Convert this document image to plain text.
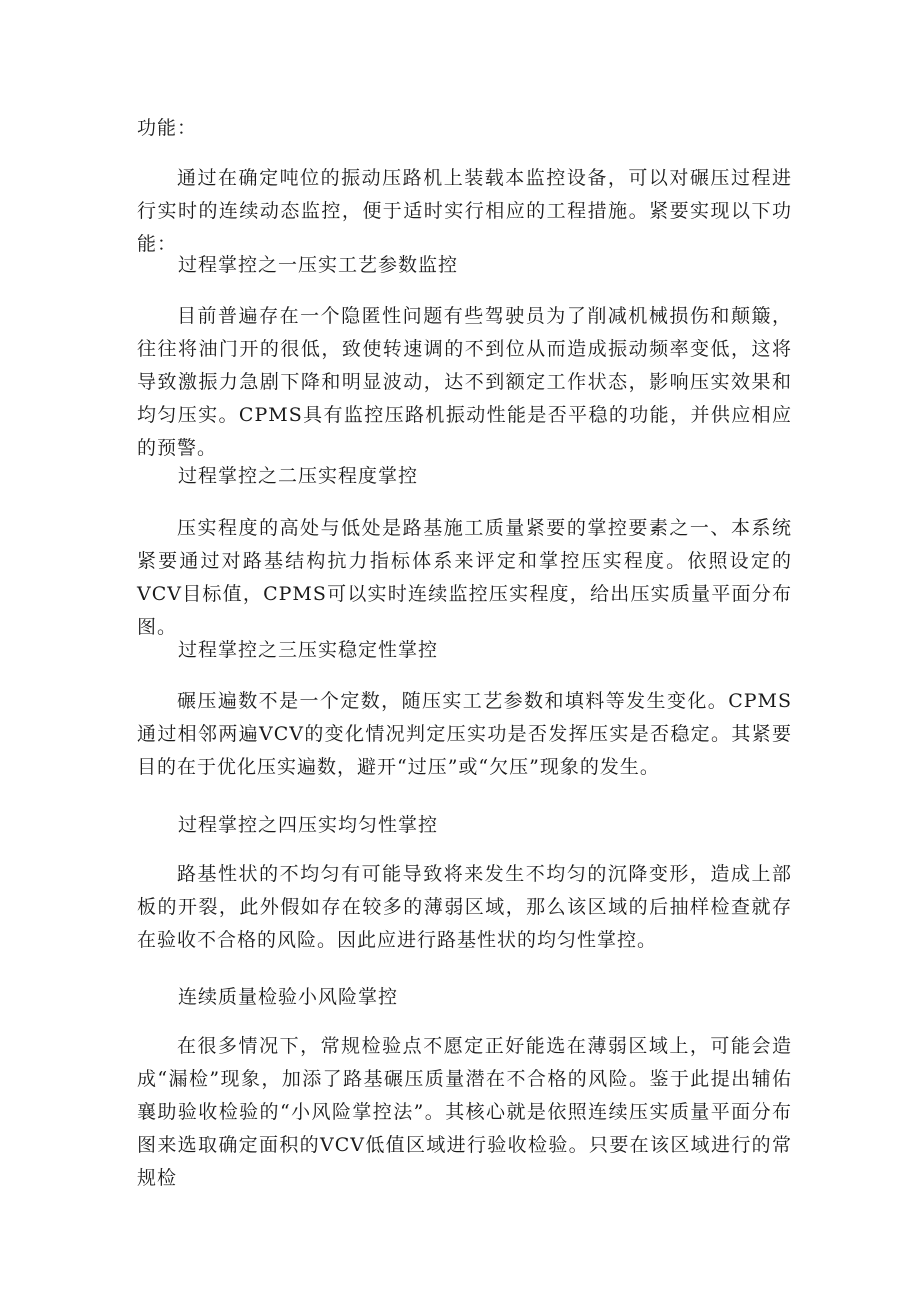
功能：

通过在确定吨位的振动压路机上装载本监控设备，可以对碾压过程进行实时的连续动态监控，便于适时实行相应的工程措施。紧要实现以下功能：

过程掌控之一压实工艺参数监控

目前普遍存在一个隐匿性问题有些驾驶员为了削减机械损伤和颠簸，往往将油门开的很低，致使转速调的不到位从而造成振动频率变低，这将导致激振力急剧下降和明显波动，达不到额定工作状态，影响压实效果和均匀压实。CPMS具有监控压路机振动性能是否平稳的功能，并供应相应的预警。

过程掌控之二压实程度掌控

压实程度的高处与低处是路基施工质量紧要的掌控要素之一、本系统紧要通过对路基结构抗力指标体系来评定和掌控压实程度。依照设定的VCV目标值，CPMS可以实时连续监控压实程度，给出压实质量平面分布图。

过程掌控之三压实稳定性掌控

碾压遍数不是一个定数，随压实工艺参数和填料等发生变化。CPMS通过相邻两遍VCV的变化情况判定压实功是否发挥压实是否稳定。其紧要目的在于优化压实遍数，避开“过压”或“欠压”现象的发生。

过程掌控之四压实均匀性掌控

路基性状的不均匀有可能导致将来发生不均匀的沉降变形，造成上部板的开裂，此外假如存在较多的薄弱区域，那么该区域的后抽样检查就存在验收不合格的风险。因此应进行路基性状的均匀性掌控。

连续质量检验小风险掌控

在很多情况下，常规检验点不愿定正好能选在薄弱区域上，可能会造成“漏检”现象，加添了路基碾压质量潜在不合格的风险。鉴于此提出辅佑襄助验收检验的“小风险掌控法”。其核心就是依照连续压实质量平面分布图来选取确定面积的VCV低值区域进行验收检验。只要在该区域进行的常规检
